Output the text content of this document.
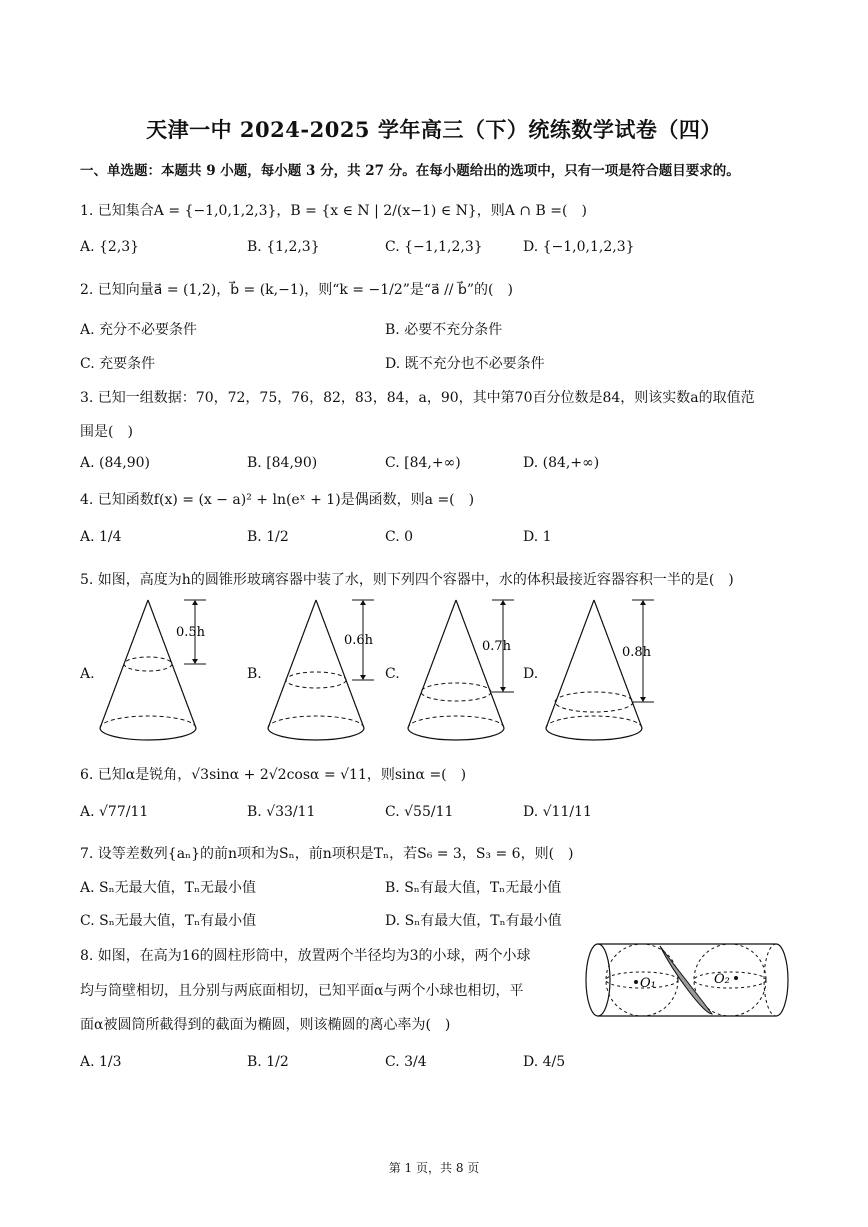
天津一中 2024-2025 学年高三（下）统练数学试卷（四）
一、单选题：本题共 9 小题，每小题 3 分，共 27 分。在每小题给出的选项中，只有一项是符合题目要求的。
1. 已知集合A = {−1,0,1,2,3}，B = {x ∈ N | 2/(x−1) ∈ N}，则A ∩ B =(　)
A. {2,3}	B. {1,2,3}	C. {−1,1,2,3}	D. {−1,0,1,2,3}
2. 已知向量a⃗ = (1,2)，b⃗ = (k,−1)，则“k = −1/2”是“a⃗ // b⃗”的(　)
A. 充分不必要条件	B. 必要不充分条件
C. 充要条件	D. 既不充分也不必要条件
3. 已知一组数据：70，72，75，76，82，83，84，a，90，其中第70百分位数是84，则该实数a的取值范
围是(　)
A. (84,90)	B. [84,90)	C. [84,+∞)	D. (84,+∞)
4. 已知函数f(x) = (x − a)² + ln(eˣ + 1)是偶函数，则a =(　)
A. 1/4	B. 1/2	C. 0	D. 1
5. 如图，高度为h的圆锥形玻璃容器中装了水，则下列四个容器中，水的体积最接近容器容积一半的是(　)
A.	B.	C.	D.
0.5h
0.6h	0.7h	0.8h
6. 已知α是锐角，√3sinα + 2√2cosα = √11，则sinα =(　)
A. √77/11	B. √33/11	C. √55/11	D. √11/11
7. 设等差数列{aₙ}的前n项和为Sₙ，前n项积是Tₙ，若S₆ = 3，S₃ = 6，则(　)
A. Sₙ无最大值，Tₙ无最小值	B. Sₙ有最大值，Tₙ无最小值
C. Sₙ无最大值，Tₙ有最小值	D. Sₙ有最大值，Tₙ有最小值
8. 如图，在高为16的圆柱形筒中，放置两个半径均为3的小球，两个小球
均与筒壁相切，且分别与两底面相切，已知平面α与两个小球也相切，平
面α被圆筒所截得到的截面为椭圆，则该椭圆的离心率为(　)
O₁	O₂
A. 1/3	B. 1/2	C. 3/4	D. 4/5
第 1 页，共 8 页
